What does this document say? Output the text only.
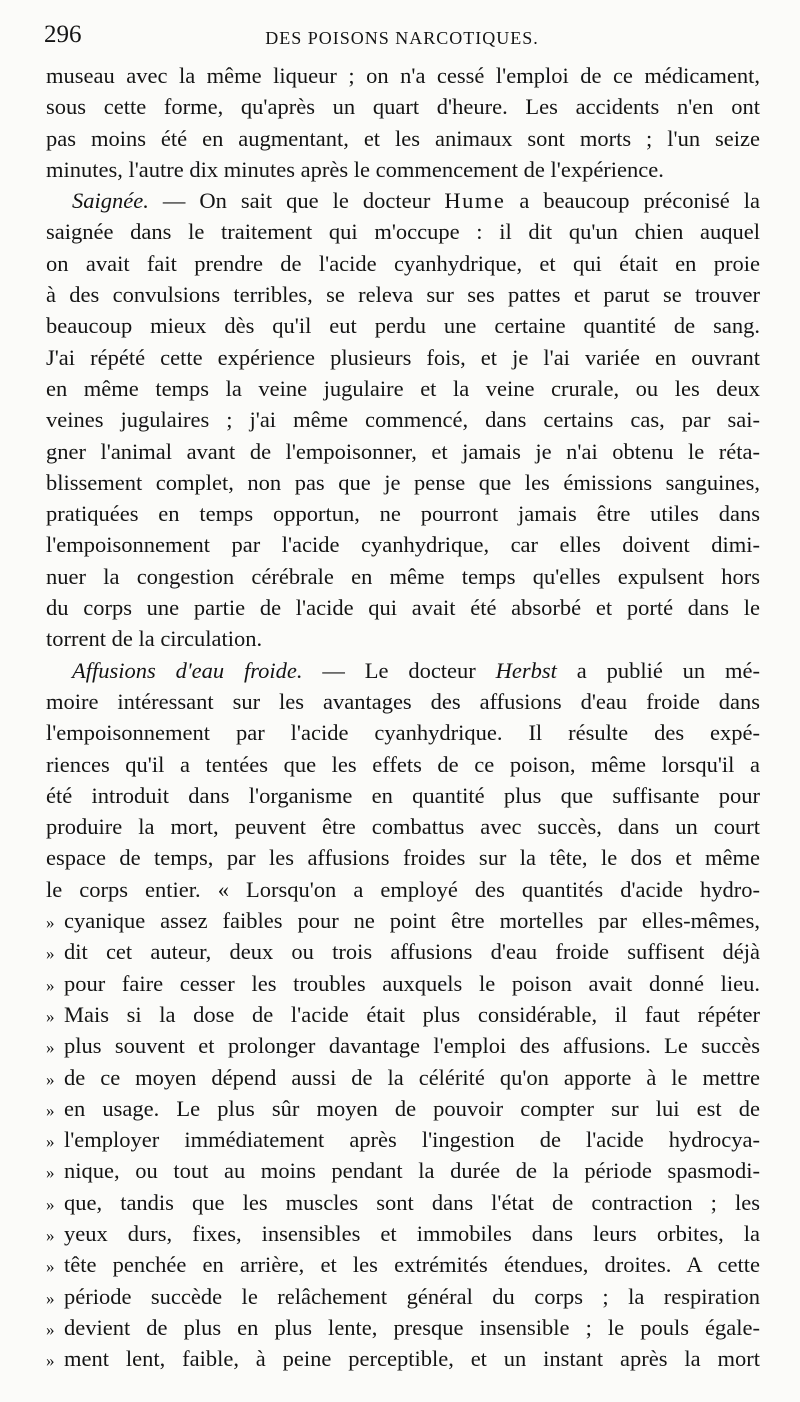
296	DES POISONS NARCOTIQUES.
museau avec la même liqueur ; on n'a cessé l'emploi de ce médicament,
sous cette forme, qu'après un quart d'heure. Les accidents n'en ont
pas moins été en augmentant, et les animaux sont morts ; l'un seize
minutes, l'autre dix minutes après le commencement de l'expérience.
Saignée. — On sait que le docteur Hume a beaucoup préconisé la
saignée dans le traitement qui m'occupe : il dit qu'un chien auquel
on avait fait prendre de l'acide cyanhydrique, et qui était en proie
à des convulsions terribles, se releva sur ses pattes et parut se trouver
beaucoup mieux dès qu'il eut perdu une certaine quantité de sang.
J'ai répété cette expérience plusieurs fois, et je l'ai variée en ouvrant
en même temps la veine jugulaire et la veine crurale, ou les deux
veines jugulaires ; j'ai même commencé, dans certains cas, par sai-
gner l'animal avant de l'empoisonner, et jamais je n'ai obtenu le réta-
blissement complet, non pas que je pense que les émissions sanguines,
pratiquées en temps opportun, ne pourront jamais être utiles dans
l'empoisonnement par l'acide cyanhydrique, car elles doivent dimi-
nuer la congestion cérébrale en même temps qu'elles expulsent hors
du corps une partie de l'acide qui avait été absorbé et porté dans le
torrent de la circulation.
Affusions d'eau froide. — Le docteur Herbst a publié un mé-
moire intéressant sur les avantages des affusions d'eau froide dans
l'empoisonnement par l'acide cyanhydrique. Il résulte des expé-
riences qu'il a tentées que les effets de ce poison, même lorsqu'il a
été introduit dans l'organisme en quantité plus que suffisante pour
produire la mort, peuvent être combattus avec succès, dans un court
espace de temps, par les affusions froides sur la tête, le dos et même
le corps entier. « Lorsqu'on a employé des quantités d'acide hydro-
» cyanique assez faibles pour ne point être mortelles par elles-mêmes,
» dit cet auteur, deux ou trois affusions d'eau froide suffisent déjà
» pour faire cesser les troubles auxquels le poison avait donné lieu.
» Mais si la dose de l'acide était plus considérable, il faut répéter
» plus souvent et prolonger davantage l'emploi des affusions. Le succès
» de ce moyen dépend aussi de la célérité qu'on apporte à le mettre
» en usage. Le plus sûr moyen de pouvoir compter sur lui est de
» l'employer immédiatement après l'ingestion de l'acide hydrocya-
» nique, ou tout au moins pendant la durée de la période spasmodi-
» que, tandis que les muscles sont dans l'état de contraction ; les
» yeux durs, fixes, insensibles et immobiles dans leurs orbites, la
» tête penchée en arrière, et les extrémités étendues, droites. A cette
» période succède le relâchement général du corps ; la respiration
» devient de plus en plus lente, presque insensible ; le pouls égale-
» ment lent, faible, à peine perceptible, et un instant après la mort
